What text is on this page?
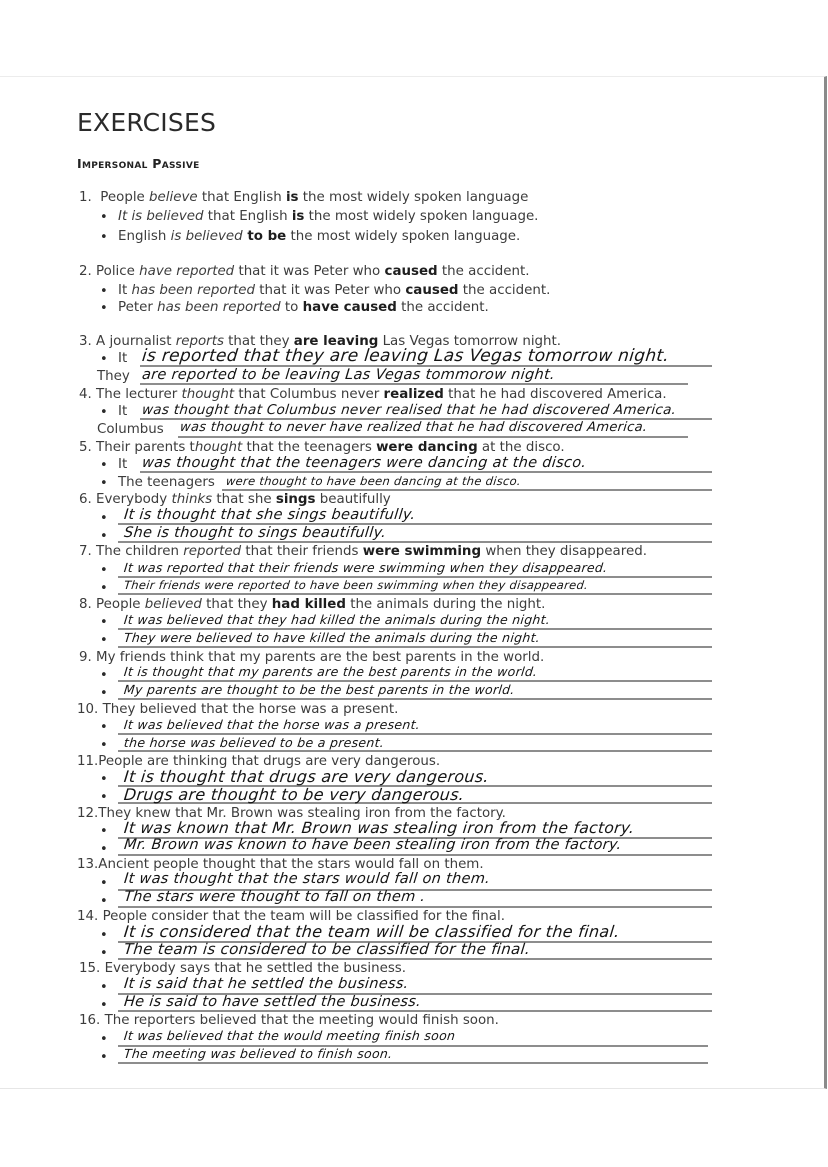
EXERCISES
Impersonal Passive
1. People believe that English is the most widely spoken language
• It is believed that English is the most widely spoken language.
• English is believed to be the most widely spoken language.
2. Police have reported that it was Peter who caused the accident.
• It has been reported that it was Peter who caused the accident.
• Peter has been reported to have caused the accident.
3. A journalist reports that they are leaving Las Vegas tomorrow night.
• It is reported that they are leaving Las Vegas tomorrow night.
They are reported to be leaving Las Vegas tommorow night.
4. The lecturer thought that Columbus never realized that he had discovered America.
• It was thought that Columbus never realised that he had discovered America.
Columbus was thought to never have realized that he had discovered America.
5. Their parents thought that the teenagers were dancing at the disco.
• It was thought that the teenagers were dancing at the disco.
• The teenagers were thought to have been dancing at the disco.
6. Everybody thinks that she sings beautifully
• It is thought that she sings beautifully.
• She is thought to sings beautifully.
7. The children reported that their friends were swimming when they disappeared.
• It was reported that their friends were swimming when they disappeared.
• Their friends were reported to have been swimming when they disappeared.
8. People believed that they had killed the animals during the night.
• It was believed that they had killed the animals during the night.
• They were believed to have killed the animals during the night.
9. My friends think that my parents are the best parents in the world.
• It is thought that my parents are the best parents in the world.
• My parents are thought to be the best parents in the world.
10. They believed that the horse was a present.
• It was believed that the horse was a present.
• the horse was believed to be a present.
11.People are thinking that drugs are very dangerous.
• It is thought that drugs are very dangerous.
• Drugs are thought to be very dangerous.
12.They knew that Mr. Brown was stealing iron from the factory.
• It was known that Mr. Brown was stealing iron from the factory.
• Mr. Brown was known to have been stealing iron from the factory.
13.Ancient people thought that the stars would fall on them.
• It was thought that the stars would fall on them.
• The stars were thought to fall on them .
14. People consider that the team will be classified for the final.
• It is considered that the team will be classified for the final.
• The team is considered to be classified for the final.
15. Everybody says that he settled the business.
• It is said that he settled the business.
• He is said to have settled the business.
16. The reporters believed that the meeting would finish soon.
• It was believed that the would meeting finish soon
• The meeting was believed to finish soon.
